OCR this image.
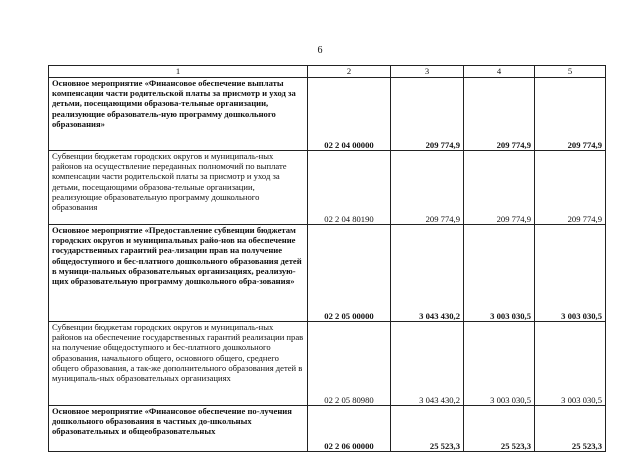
6
1	2	3	4	5
Основное мероприятие «Финансовое обеспечение выплаты компенсации части родительской платы за присмотр и уход за детьми, посещающими образова-тельные организации, реализующие образователь-ную программу дошкольного образования»	02 2 04 00000	209 774,9	209 774,9	209 774,9
Субвенции бюджетам городских округов и муниципаль-ных районов на осуществление переданных полномочий по выплате компенсации части родительской платы за присмотр и уход за детьми, посещающими образова-тельные организации, реализующие образовательную программу дошкольного образования	02 2 04 80190	209 774,9	209 774,9	209 774,9
Основное мероприятие «Предоставление субвенции бюджетам городских округов и муниципальных райо-нов на обеспечение государственных гарантий реа-лизации прав на получение общедоступного и бес-платного дошкольного образования детей в муници-пальных образовательных организациях, реализую-щих образовательную программу дошкольного обра-зования»	02 2 05 00000	3 043 430,2	3 003 030,5	3 003 030,5
Субвенции бюджетам городских округов и муниципаль-ных районов на обеспечение государственных гарантий реализации прав на получение общедоступного и бес-платного дошкольного образования, начального общего, основного общего, среднего общего образования, а так-же дополнительного образования детей в муниципаль-ных образовательных организациях	02 2 05 80980	3 043 430,2	3 003 030,5	3 003 030,5
Основное мероприятие «Финансовое обеспечение по-лучения дошкольного образования в частных до-школьных образовательных и общеобразовательных	02 2 06 00000	25 523,3	25 523,3	25 523,3
